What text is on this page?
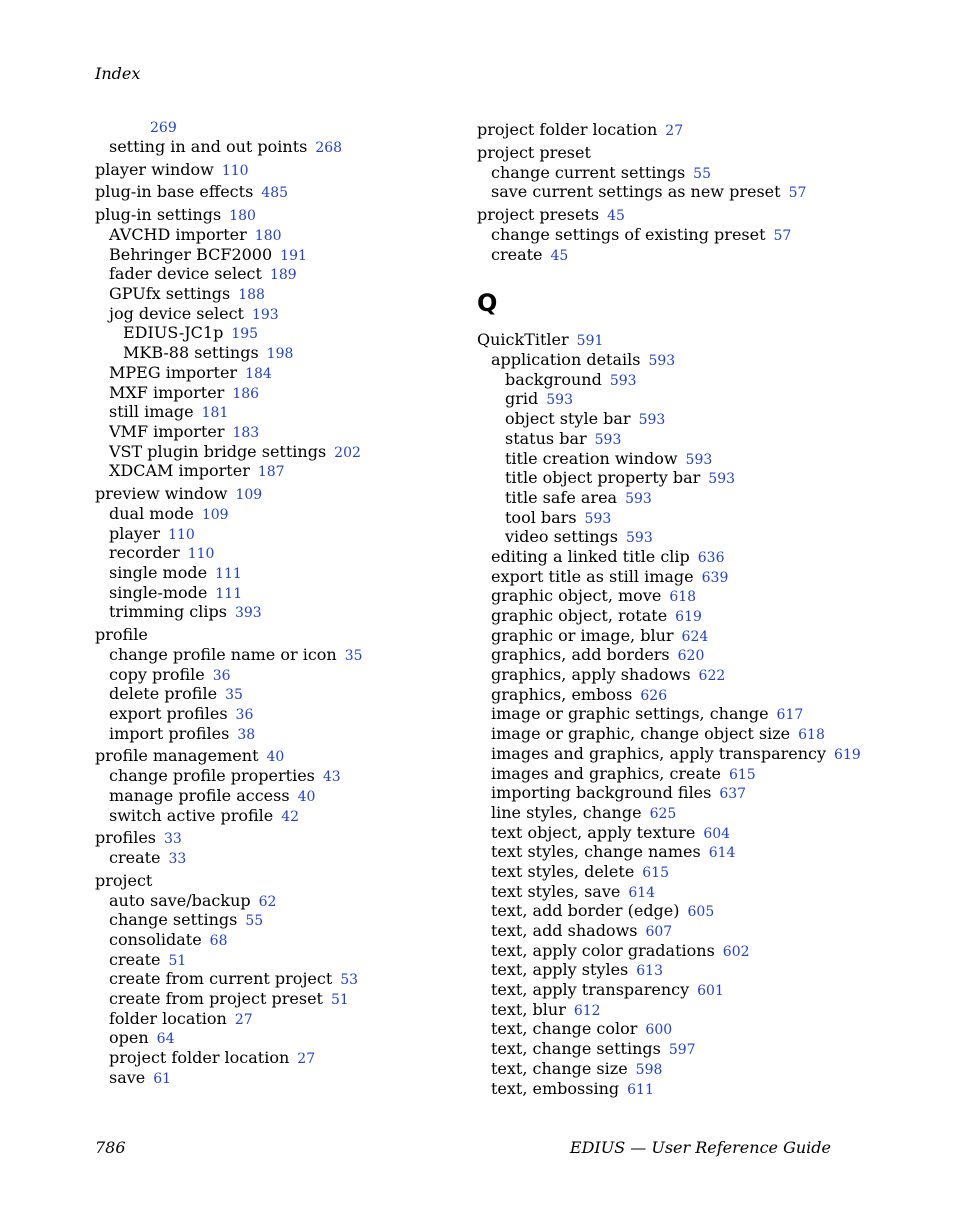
Index
269
setting in and out points 268
player window 110
plug-in base effects 485
plug-in settings 180
AVCHD importer 180
Behringer BCF2000 191
fader device select 189
GPUfx settings 188
jog device select 193
EDIUS-JC1p 195
MKB-88 settings 198
MPEG importer 184
MXF importer 186
still image 181
VMF importer 183
VST plugin bridge settings 202
XDCAM importer 187
preview window 109
dual mode 109
player 110
recorder 110
single mode 111
single-mode 111
trimming clips 393
profile
change profile name or icon 35
copy profile 36
delete profile 35
export profiles 36
import profiles 38
profile management 40
change profile properties 43
manage profile access 40
switch active profile 42
profiles 33
create 33
project
auto save/backup 62
change settings 55
consolidate 68
create 51
create from current project 53
create from project preset 51
folder location 27
open 64
project folder location 27
save 61
project folder location 27
project preset
change current settings 55
save current settings as new preset 57
project presets 45
change settings of existing preset 57
create 45
Q
QuickTitler 591
application details 593
background 593
grid 593
object style bar 593
status bar 593
title creation window 593
title object property bar 593
title safe area 593
tool bars 593
video settings 593
editing a linked title clip 636
export title as still image 639
graphic object, move 618
graphic object, rotate 619
graphic or image, blur 624
graphics, add borders 620
graphics, apply shadows 622
graphics, emboss 626
image or graphic settings, change 617
image or graphic, change object size 618
images and graphics, apply transparency 619
images and graphics, create 615
importing background files 637
line styles, change 625
text object, apply texture 604
text styles, change names 614
text styles, delete 615
text styles, save 614
text, add border (edge) 605
text, add shadows 607
text, apply color gradations 602
text, apply styles 613
text, apply transparency 601
text, blur 612
text, change color 600
text, change settings 597
text, change size 598
text, embossing 611
786	EDIUS — User Reference Guide
